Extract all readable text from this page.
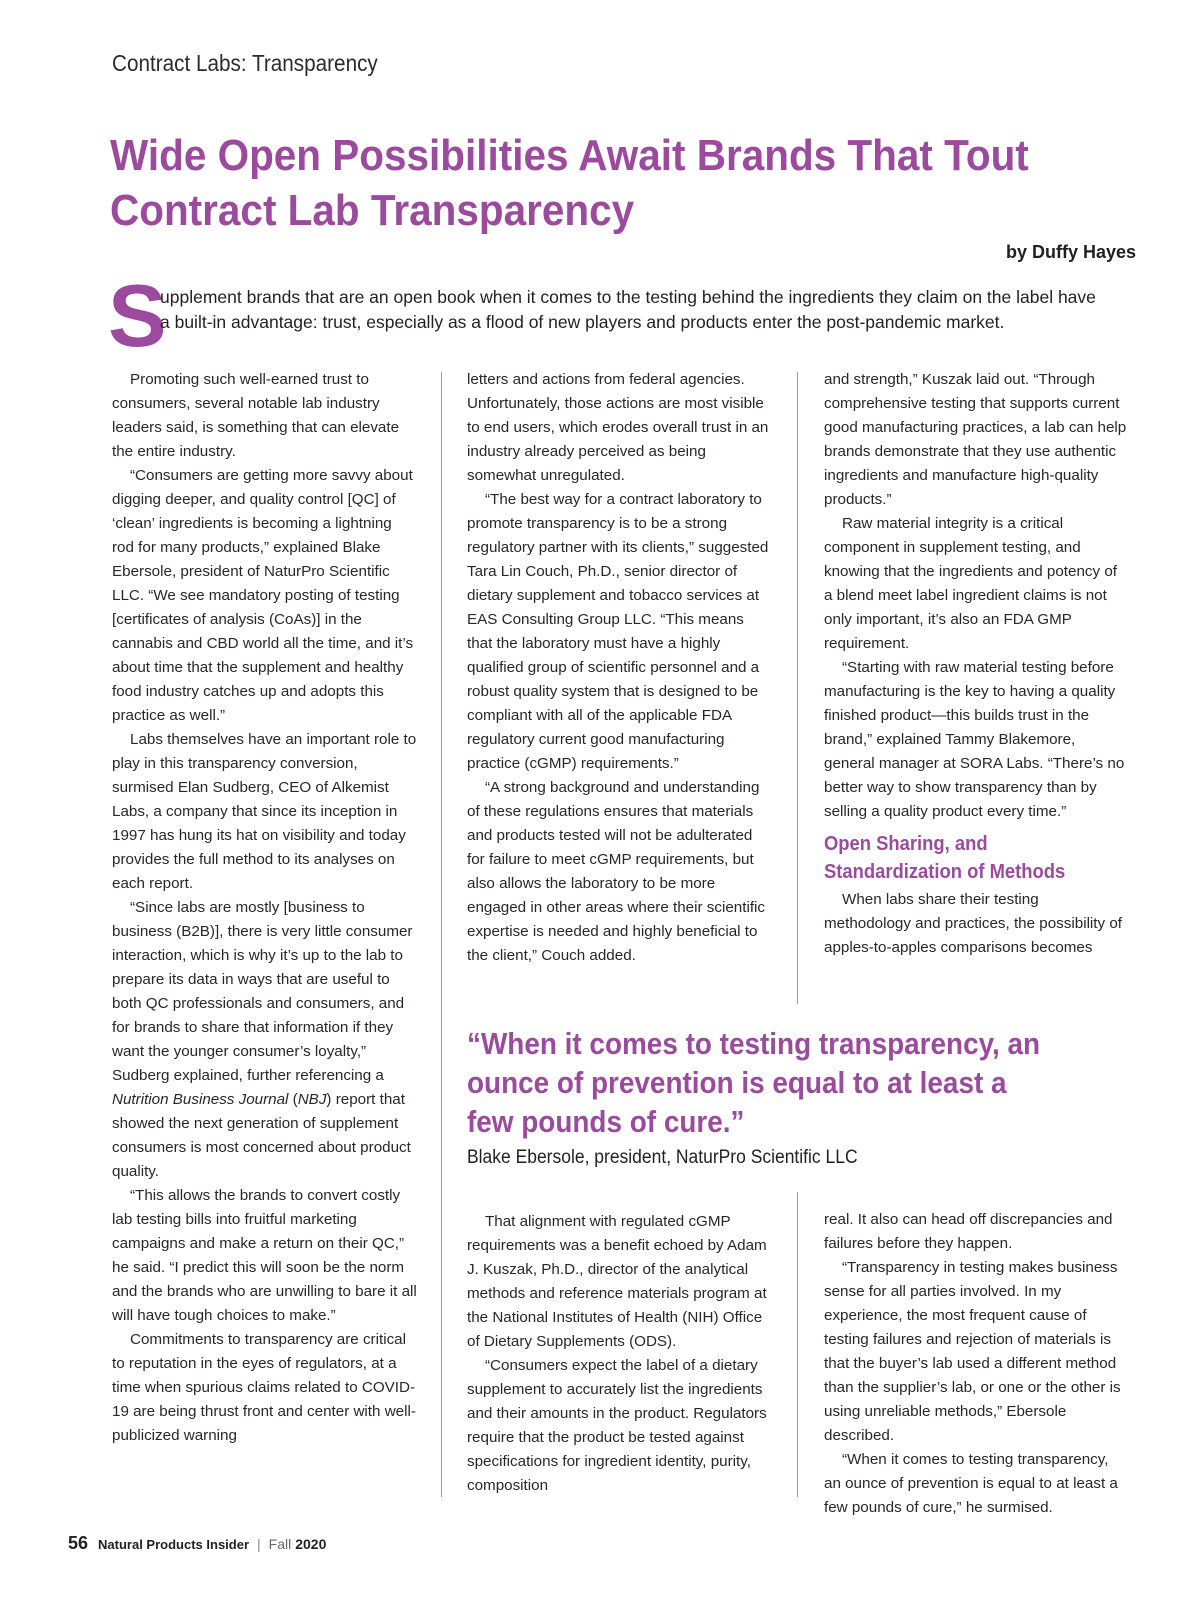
Contract Labs: Transparency
Wide Open Possibilities Await Brands That Tout
Contract Lab Transparency
by Duffy Hayes
S

upplement brands that are an open book when it comes to the testing behind the ingredients they claim on the label have a built-in advantage: trust, especially as a flood of new players and products enter the post-pandemic market.

Promoting such well-earned trust to consumers, several notable lab industry leaders said, is something that can elevate the entire industry.

“Consumers are getting more savvy about digging deeper, and quality control [QC] of ‘clean’ ingredients is becoming a lightning rod for many products,” explained Blake Ebersole, president of NaturPro Scientific LLC. “We see mandatory posting of testing [certificates of analysis (CoAs)] in the cannabis and CBD world all the time, and it’s about time that the supplement and healthy food industry catches up and adopts this practice as well.”

Labs themselves have an important role to play in this transparency conversion, surmised Elan Sudberg, CEO of Alkemist Labs, a company that since its inception in 1997 has hung its hat on visibility and today provides the full method to its analyses on each report.

“Since labs are mostly [business to business (B2B)], there is very little consumer interaction, which is why it’s up to the lab to prepare its data in ways that are useful to both QC professionals and consumers, and for brands to share that information if they want the younger consumer’s loyalty,” Sudberg explained, further referencing a Nutrition Business Journal (NBJ) report that showed the next generation of supplement consumers is most concerned about product quality.

“This allows the brands to convert costly lab testing bills into fruitful marketing campaigns and make a return on their QC,” he said. “I predict this will soon be the norm and the brands who are unwilling to bare it all will have tough choices to make.”

Commitments to transparency are critical to reputation in the eyes of regulators, at a time when spurious claims related to COVID-19 are being thrust front and center with well-publicized warning

letters and actions from federal agencies. Unfortunately, those actions are most visible to end users, which erodes overall trust in an industry already perceived as being somewhat unregulated.

“The best way for a contract laboratory to promote transparency is to be a strong regulatory partner with its clients,” suggested Tara Lin Couch, Ph.D., senior director of dietary supplement and tobacco services at EAS Consulting Group LLC. “This means that the laboratory must have a highly qualified group of scientific personnel and a robust quality system that is designed to be compliant with all of the applicable FDA regulatory current good manufacturing practice (cGMP) requirements.”

“A strong background and understanding of these regulations ensures that materials and products tested will not be adulterated for failure to meet cGMP requirements, but also allows the laboratory to be more engaged in other areas where their scientific expertise is needed and highly beneficial to the client,” Couch added.

and strength,” Kuszak laid out. “Through comprehensive testing that supports current good manufacturing practices, a lab can help brands demonstrate that they use authentic ingredients and manufacture high-quality products.”

Raw material integrity is a critical component in supplement testing, and knowing that the ingredients and potency of a blend meet label ingredient claims is not only important, it’s also an FDA GMP requirement.

“Starting with raw material testing before manufacturing is the key to having a quality finished product—this builds trust in the brand,” explained Tammy Blakemore, general manager at SORA Labs. “There’s no better way to show transparency than by selling a quality product every time.”

Open Sharing, and Standardization of Methods

When labs share their testing methodology and practices, the possibility of apples-to-apples comparisons becomes

“When it comes to testing transparency, an ounce of prevention is equal to at least a few pounds of cure.”

Blake Ebersole, president, NaturPro Scientific LLC

That alignment with regulated cGMP requirements was a benefit echoed by Adam J. Kuszak, Ph.D., director of the analytical methods and reference materials program at the National Institutes of Health (NIH) Office of Dietary Supplements (ODS).

“Consumers expect the label of a dietary supplement to accurately list the ingredients and their amounts in the product. Regulators require that the product be tested against specifications for ingredient identity, purity, composition

real. It also can head off discrepancies and failures before they happen.

“Transparency in testing makes business sense for all parties involved. In my experience, the most frequent cause of testing failures and rejection of materials is that the buyer’s lab used a different method than the supplier’s lab, or one or the other is using unreliable methods,” Ebersole described.

“When it comes to testing transparency, an ounce of prevention is equal to at least a few pounds of cure,” he surmised.

56 Natural Products Insider | Fall 2020
